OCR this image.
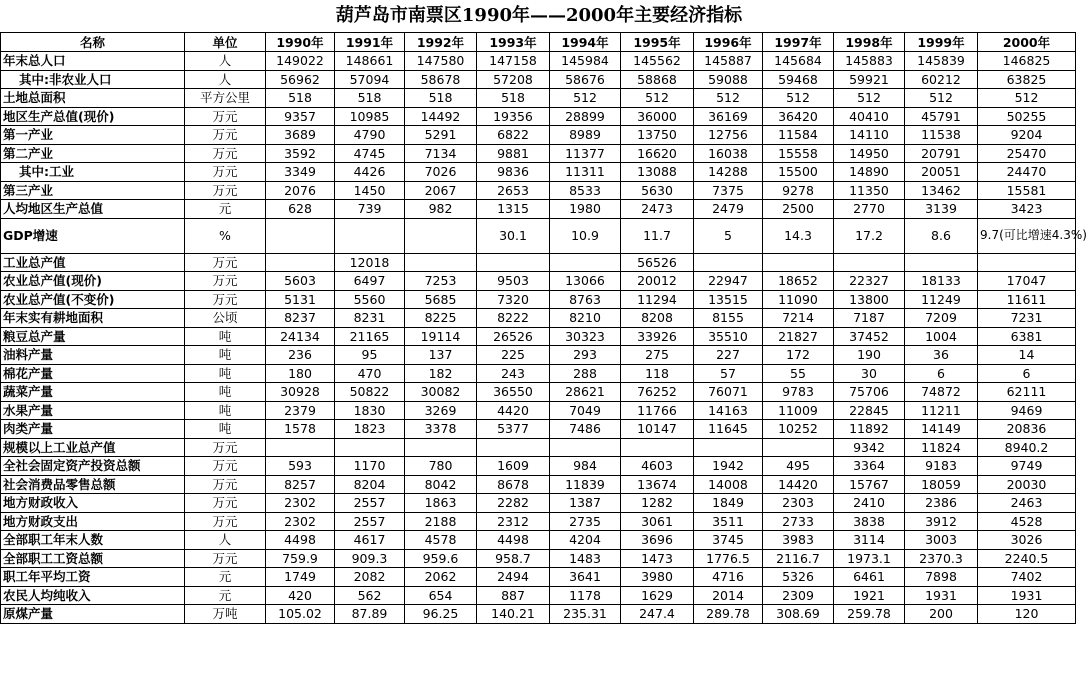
葫芦岛市南票区1990年——2000年主要经济指标
名称	单位	1990年	1991年	1992年	1993年	1994年	1995年	1996年	1997年	1998年	1999年	2000年
年末总人口	人	149022	148661	147580	147158	145984	145562	145887	145684	145883	145839	146825
其中:非农业人口	人	56962	57094	58678	57208	58676	58868	59088	59468	59921	60212	63825
土地总面积	平方公里	518	518	518	518	512	512	512	512	512	512	512
地区生产总值(现价)	万元	9357	10985	14492	19356	28899	36000	36169	36420	40410	45791	50255
第一产业	万元	3689	4790	5291	6822	8989	13750	12756	11584	14110	11538	9204
第二产业	万元	3592	4745	7134	9881	11377	16620	16038	15558	14950	20791	25470
其中:工业	万元	3349	4426	7026	9836	11311	13088	14288	15500	14890	20051	24470
第三产业	万元	2076	1450	2067	2653	8533	5630	7375	9278	11350	13462	15581
人均地区生产总值	元	628	739	982	1315	1980	2473	2479	2500	2770	3139	3423
GDP增速	%				30.1	10.9	11.7	5	14.3	17.2	8.6	9.7(可比增速4.3%)
工业总产值	万元		12018				56526					
农业总产值(现价)	万元	5603	6497	7253	9503	13066	20012	22947	18652	22327	18133	17047
农业总产值(不变价)	万元	5131	5560	5685	7320	8763	11294	13515	11090	13800	11249	11611
年末实有耕地面积	公顷	8237	8231	8225	8222	8210	8208	8155	7214	7187	7209	7231
粮豆总产量	吨	24134	21165	19114	26526	30323	33926	35510	21827	37452	1004	6381
油料产量	吨	236	95	137	225	293	275	227	172	190	36	14
棉花产量	吨	180	470	182	243	288	118	57	55	30	6	6
蔬菜产量	吨	30928	50822	30082	36550	28621	76252	76071	9783	75706	74872	62111
水果产量	吨	2379	1830	3269	4420	7049	11766	14163	11009	22845	11211	9469
肉类产量	吨	1578	1823	3378	5377	7486	10147	11645	10252	11892	14149	20836
规模以上工业总产值	万元									9342	11824	8940.2
全社会固定资产投资总额	万元	593	1170	780	1609	984	4603	1942	495	3364	9183	9749
社会消费品零售总额	万元	8257	8204	8042	8678	11839	13674	14008	14420	15767	18059	20030
地方财政收入	万元	2302	2557	1863	2282	1387	1282	1849	2303	2410	2386	2463
地方财政支出	万元	2302	2557	2188	2312	2735	3061	3511	2733	3838	3912	4528
全部职工年末人数	人	4498	4617	4578	4498	4204	3696	3745	3983	3114	3003	3026
全部职工工资总额	万元	759.9	909.3	959.6	958.7	1483	1473	1776.5	2116.7	1973.1	2370.3	2240.5
职工年平均工资	元	1749	2082	2062	2494	3641	3980	4716	5326	6461	7898	7402
农民人均纯收入	元	420	562	654	887	1178	1629	2014	2309	1921	1931	1931
原煤产量	万吨	105.02	87.89	96.25	140.21	235.31	247.4	289.78	308.69	259.78	200	120
